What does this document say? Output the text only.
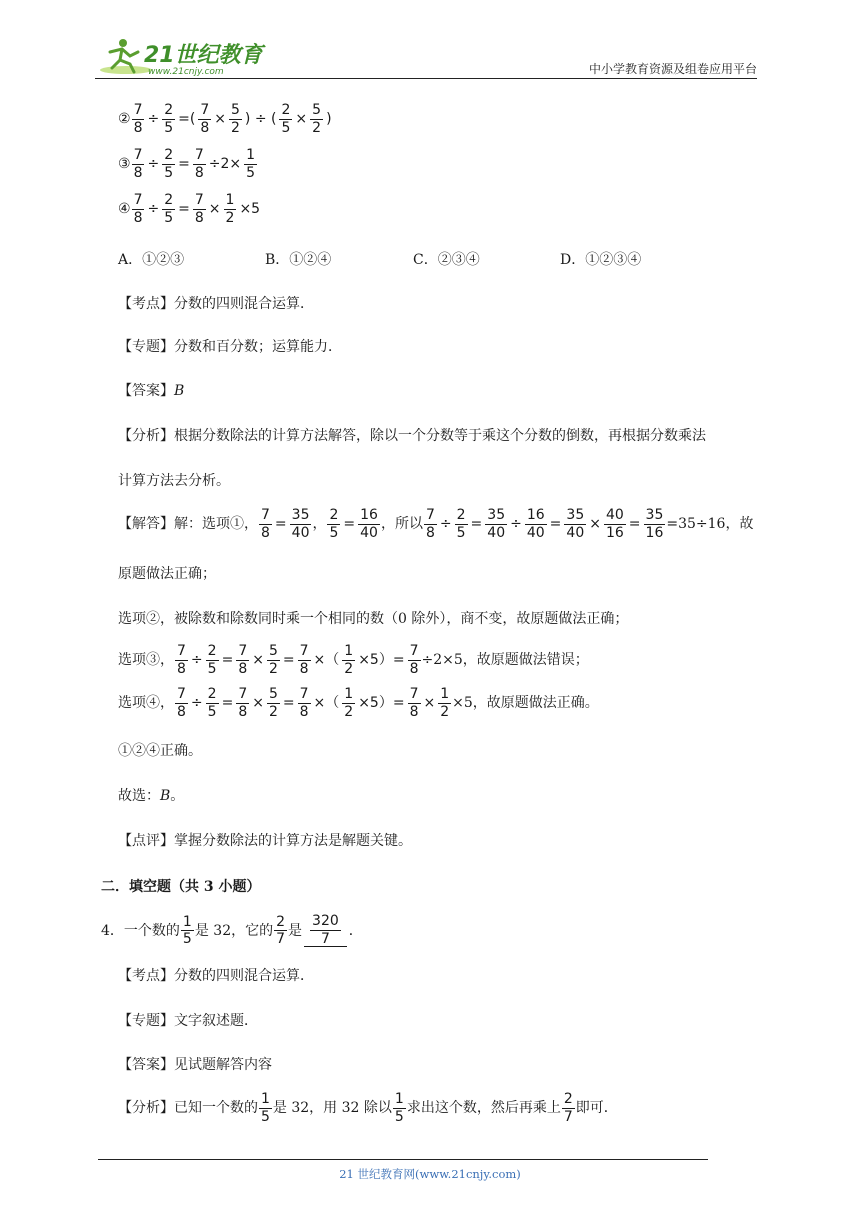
21世纪教育
www.21cnjy.com	中小学教育资源及组卷应用平台
② $\frac{7}{8} \div \frac{2}{5}$ =( $\frac{7}{8} \times \frac{5}{2}$ ) ÷ ( $\frac{2}{5} \times \frac{5}{2}$ )
③ $\frac{7}{8} \div \frac{2}{5} = \frac{7}{8} \div 2\times \frac{1}{5}$
④ $\frac{7}{8} \div \frac{2}{5} = \frac{7}{8} \times \frac{1}{2} \times 5$
A．①②③	B．①②④	C．②③④	D．①②③④
【考点】 分数的四则混合运算．
【专题】 分数和百分数；运算能力．
【答案】 B
【分析】 根据分数除法的计算方法解答，除以一个分数等于乘这个分数的倒数，再根据分数乘法
计算方法去分析。
【解答】 解：选项①， $\frac{7}{8} = \frac{35}{40}$ ， $\frac{2}{5} = \frac{16}{40}$ ，所以 $\frac{7}{8} \div \frac{2}{5} = \frac{35}{40} \div \frac{16}{40} = \frac{35}{40} \times \frac{40}{16} = \frac{35}{16} =35\div 16$，故
原题做法正确；
选项②，被除数和除数同时乘一个相同的数（0 除外），商不变，故原题做法正确；
选项③， $\frac{7}{8} \div \frac{2}{5} = \frac{7}{8} \times \frac{5}{2} = \frac{7}{8}$ ×（ $\frac{1}{2} \times 5)= \frac{7}{8} \div 2\times 5$，故原题做法错误；
选项④， $\frac{7}{8} \div \frac{2}{5} = \frac{7}{8} \times \frac{5}{2} = \frac{7}{8}$ ×（ $\frac{1}{2} \times 5)= \frac{7}{8} \times \frac{1}{2} \times 5$，故原题做法正确。
①②④正确。
故选： B 。
【点评】 掌握分数除法的计算方法是解题关键。
二．填空题（共 3 小题）
4．一个数的 $\frac{1}{5}$ 是 32，它的 $\frac{2}{7}$ 是 $\frac{320}{7}$ ．
【考点】 分数的四则混合运算．
【专题】 文字叙述题．
【答案】 见试题解答内容
【分析】 已知一个数的 $\frac{1}{5}$ 是 32，用 32 除以 $\frac{1}{5}$ 求出这个数，然后再乘上 $\frac{2}{7}$ 即可．
21 世纪教育网(www.21cnjy.com)
